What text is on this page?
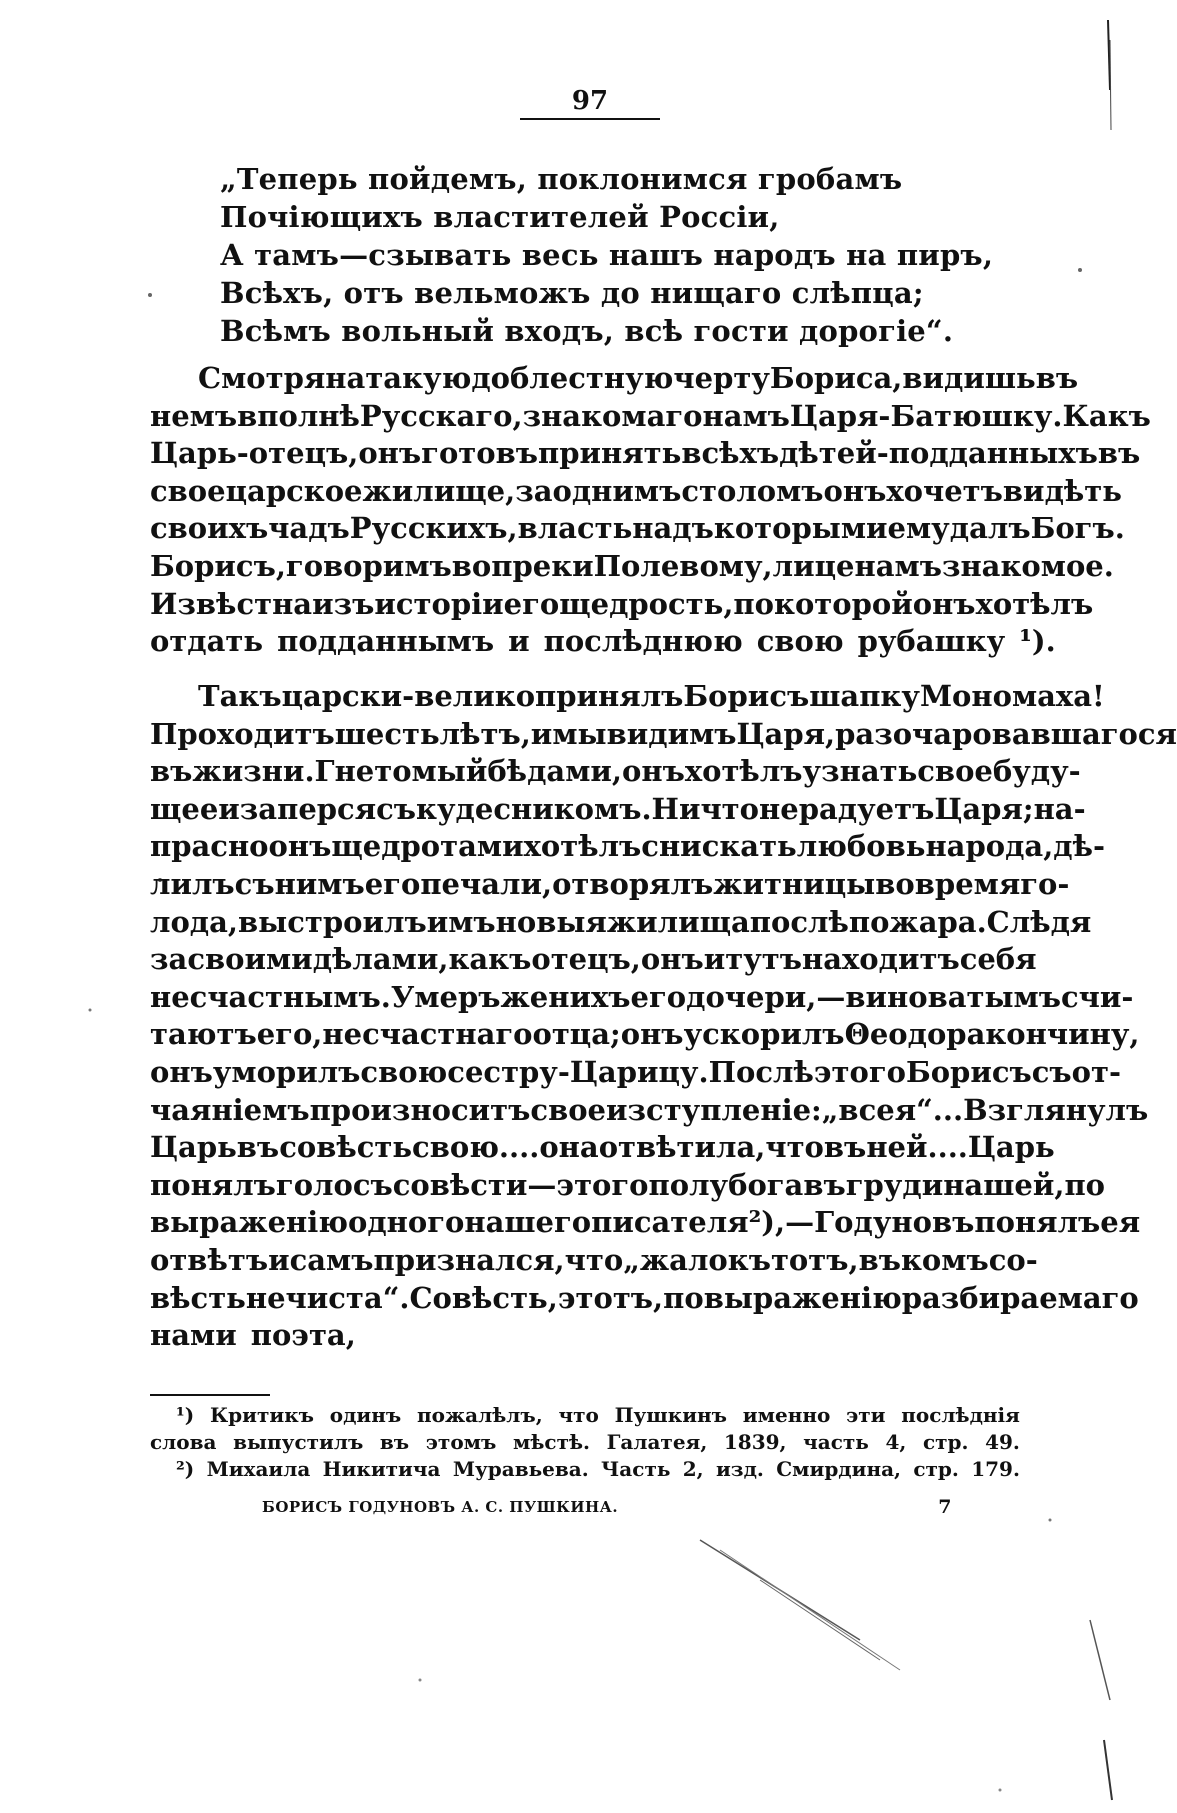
97
„Теперь пойдемъ, поклонимся гробамъ
Почіющихъ властителей Россіи,
А тамъ—сзывать весь нашъ народъ на пиръ,
Всѣхъ, отъ вельможъ до нищаго слѣпца;
Всѣмъ вольный входъ, всѣ гости дорогіе“.
Смотря на такую доблестную черту Бориса, видишь въ
немъ вполнѣ Русскаго, знакомаго намъ Царя-Батюшку. Какъ
Царь-отецъ, онъ готовъ принять всѣхъ дѣтей-подданныхъ въ
свое царское жилище, за однимъ столомъ онъ хочетъ видѣть
своихъ чадъ Русскихъ, власть надъ которыми ему далъ Богъ.
Борисъ, говоримъ вопреки Полевому, лице намъ знакомое.
Извѣстна изъ исторіи его щедрость, по которой онъ хотѣлъ
отдать подданнымъ и послѣднюю свою рубашку ¹).
Такъ царски-велико принялъ Борисъ шапку Мономаха!
Проходитъ шесть лѣтъ, и мы видимъ Царя, разочаровавшагося
въ жизни. Гнетомый бѣдами, онъ хотѣлъ узнать свое буду-
щее и заперся съ кудесникомъ. Ничто не радуетъ Царя; на-
прасно онъ щедротами хотѣлъ снискать любовь народа, дѣ-
лилъ съ нимъ его печали, отворялъ житницы во время го-
лода, выстроилъ имъ новыя жилища послѣ пожара. Слѣдя
за своими дѣлами, какъ отецъ, онъ и тутъ находитъ себя
несчастнымъ. Умеръ женихъ его дочери, — виноватымъ счи-
таютъ его, несчастнаго отца; онъ ускорилъ Θеодора кончину,
онъ уморилъ свою сестру-Царицу. Послѣ этого Борисъ съ от-
чаяніемъ произноситъ свое изступленіе: „все я“... Взглянулъ
Царь въ совѣсть свою.... она отвѣтила, что въ ней.... Царь
понялъ голосъ совѣсти — этого полубога въ груди нашей, по
выраженію одного нашего писателя ²),—Годуновъ понялъ ея
отвѣтъ и самъ признался, что „жалокъ тотъ, въ комъ со-
вѣсть нечиста“. Совѣсть, этотъ, по выраженію разбираемаго
нами поэта,
¹) Критикъ одинъ пожалѣлъ, что Пушкинъ именно эти послѣднія
слова выпустилъ въ этомъ мѣстѣ. Галатея, 1839, часть 4, стр. 49.
²) Михаила Никитича Муравьева. Часть 2, изд. Смирдина, стр. 179.
БОРИСЪ ГОДУНОВЪ А. С. ПУШКИНА.	7
